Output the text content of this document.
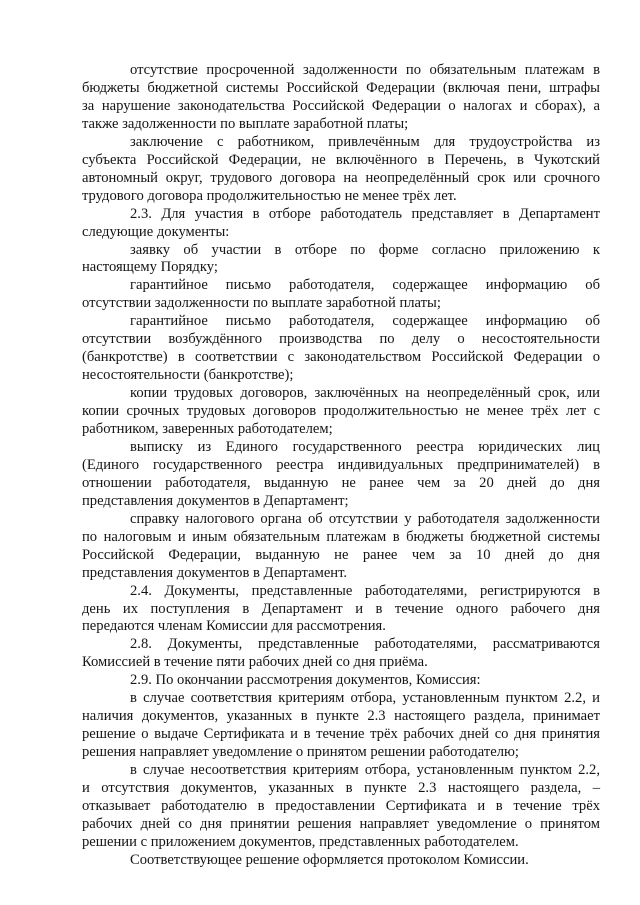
отсутствие просроченной задолженности по обязательным платежам в
бюджеты бюджетной системы Российской Федерации (включая пени, штрафы
за нарушение законодательства Российской Федерации о налогах и сборах), а
также задолженности по выплате заработной платы;
заключение с работником, привлечённым для трудоустройства из
субъекта Российской Федерации, не включённого в Перечень, в Чукотский
автономный округ, трудового договора на неопределённый срок или срочного
трудового договора продолжительностью не менее трёх лет.
2.3. Для участия в отборе работодатель представляет в Департамент
следующие документы:
заявку об участии в отборе по форме согласно приложению к
настоящему Порядку;
гарантийное письмо работодателя, содержащее информацию об
отсутствии задолженности по выплате заработной платы;
гарантийное письмо работодателя, содержащее информацию об
отсутствии возбуждённого производства по делу о несостоятельности
(банкротстве) в соответствии с законодательством Российской Федерации о
несостоятельности (банкротстве);
копии трудовых договоров, заключённых на неопределённый срок, или
копии срочных трудовых договоров продолжительностью не менее трёх лет с
работником, заверенных работодателем;
выписку из Единого государственного реестра юридических лиц
(Единого государственного реестра индивидуальных предпринимателей) в
отношении работодателя, выданную не ранее чем за 20 дней до дня
представления документов в Департамент;
справку налогового органа об отсутствии у работодателя задолженности
по налоговым и иным обязательным платежам в бюджеты бюджетной системы
Российской Федерации, выданную не ранее чем за 10 дней до дня
представления документов в Департамент.
2.4. Документы, представленные работодателями, регистрируются в
день их поступления в Департамент и в течение одного рабочего дня
передаются членам Комиссии для рассмотрения.
2.8. Документы, представленные работодателями, рассматриваются
Комиссией в течение пяти рабочих дней со дня приёма.
2.9. По окончании рассмотрения документов, Комиссия:
в случае соответствия критериям отбора, установленным пунктом 2.2, и
наличия документов, указанных в пункте 2.3 настоящего раздела, принимает
решение о выдаче Сертификата и в течение трёх рабочих дней со дня принятия
решения направляет уведомление о принятом решении работодателю;
в случае несоответствия критериям отбора, установленным пунктом 2.2,
и отсутствия документов, указанных в пункте 2.3 настоящего раздела, –
отказывает работодателю в предоставлении Сертификата и в течение трёх
рабочих дней со дня принятии решения направляет уведомление о принятом
решении с приложением документов, представленных работодателем.
Соответствующее решение оформляется протоколом Комиссии.
